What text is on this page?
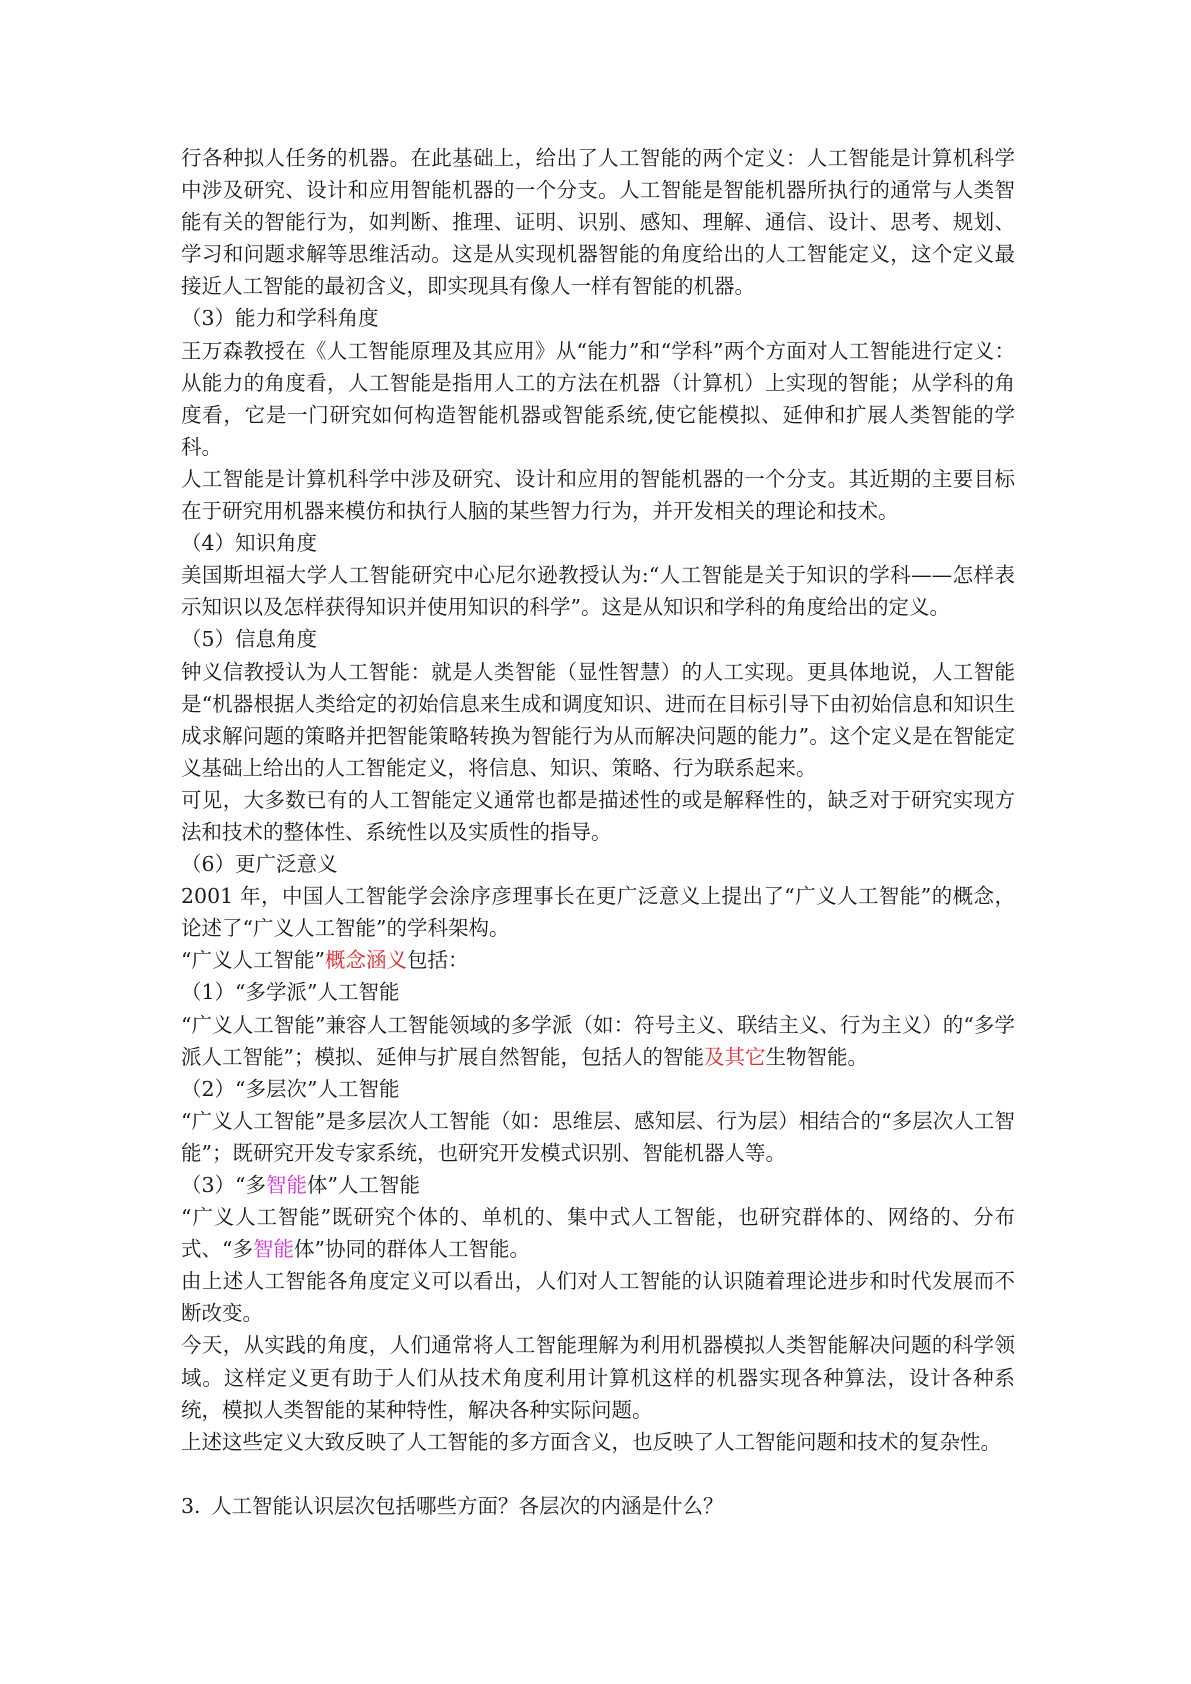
行各种拟人任务的机器。在此基础上，给出了人工智能的两个定义：人工智能是计算机科学中涉及研究、设计和应用智能机器的一个分支。人工智能是智能机器所执行的通常与人类智能有关的智能行为，如判断、推理、证明、识别、感知、理解、通信、设计、思考、规划、学习和问题求解等思维活动。这是从实现机器智能的角度给出的人工智能定义，这个定义最接近人工智能的最初含义，即实现具有像人一样有智能的机器。

（3）能力和学科角度

王万森教授在《人工智能原理及其应用》从“能力”和“学科”两个方面对人工智能进行定义：从能力的角度看，人工智能是指用人工的方法在机器（计算机）上实现的智能；从学科的角度看，它是一门研究如何构造智能机器或智能系统,使它能模拟、延伸和扩展人类智能的学科。

人工智能是计算机科学中涉及研究、设计和应用的智能机器的一个分支。其近期的主要目标在于研究用机器来模仿和执行人脑的某些智力行为，并开发相关的理论和技术。

（4）知识角度

美国斯坦福大学人工智能研究中心尼尔逊教授认为:“人工智能是关于知识的学科——怎样表示知识以及怎样获得知识并使用知识的科学”。这是从知识和学科的角度给出的定义。

（5）信息角度

钟义信教授认为人工智能：就是人类智能（显性智慧）的人工实现。更具体地说，人工智能是“机器根据人类给定的初始信息来生成和调度知识、进而在目标引导下由初始信息和知识生成求解问题的策略并把智能策略转换为智能行为从而解决问题的能力”。这个定义是在智能定义基础上给出的人工智能定义，将信息、知识、策略、行为联系起来。

可见，大多数已有的人工智能定义通常也都是描述性的或是解释性的，缺乏对于研究实现方法和技术的整体性、系统性以及实质性的指导。

（6）更广泛意义

2001 年，中国人工智能学会涂序彦理事长在更广泛意义上提出了“广义人工智能”的概念，论述了“广义人工智能”的学科架构。

“广义人工智能”概念涵义包括：

（1）“多学派”人工智能

“广义人工智能”兼容人工智能领域的多学派（如：符号主义、联结主义、行为主义）的“多学派人工智能”；模拟、延伸与扩展自然智能，包括人的智能及其它生物智能。

（2）“多层次”人工智能

“广义人工智能”是多层次人工智能（如：思维层、感知层、行为层）相结合的“多层次人工智能”；既研究开发专家系统，也研究开发模式识别、智能机器人等。

（3）“多智能体”人工智能

“广义人工智能”既研究个体的、单机的、集中式人工智能，也研究群体的、网络的、分布式、“多智能体”协同的群体人工智能。

由上述人工智能各角度定义可以看出，人们对人工智能的认识随着理论进步和时代发展而不断改变。

今天，从实践的角度，人们通常将人工智能理解为利用机器模拟人类智能解决问题的科学领域。这样定义更有助于人们从技术角度利用计算机这样的机器实现各种算法，设计各种系统，模拟人类智能的某种特性，解决各种实际问题。

上述这些定义大致反映了人工智能的多方面含义，也反映了人工智能问题和技术的复杂性。

3. 人工智能认识层次包括哪些方面？各层次的内涵是什么？
